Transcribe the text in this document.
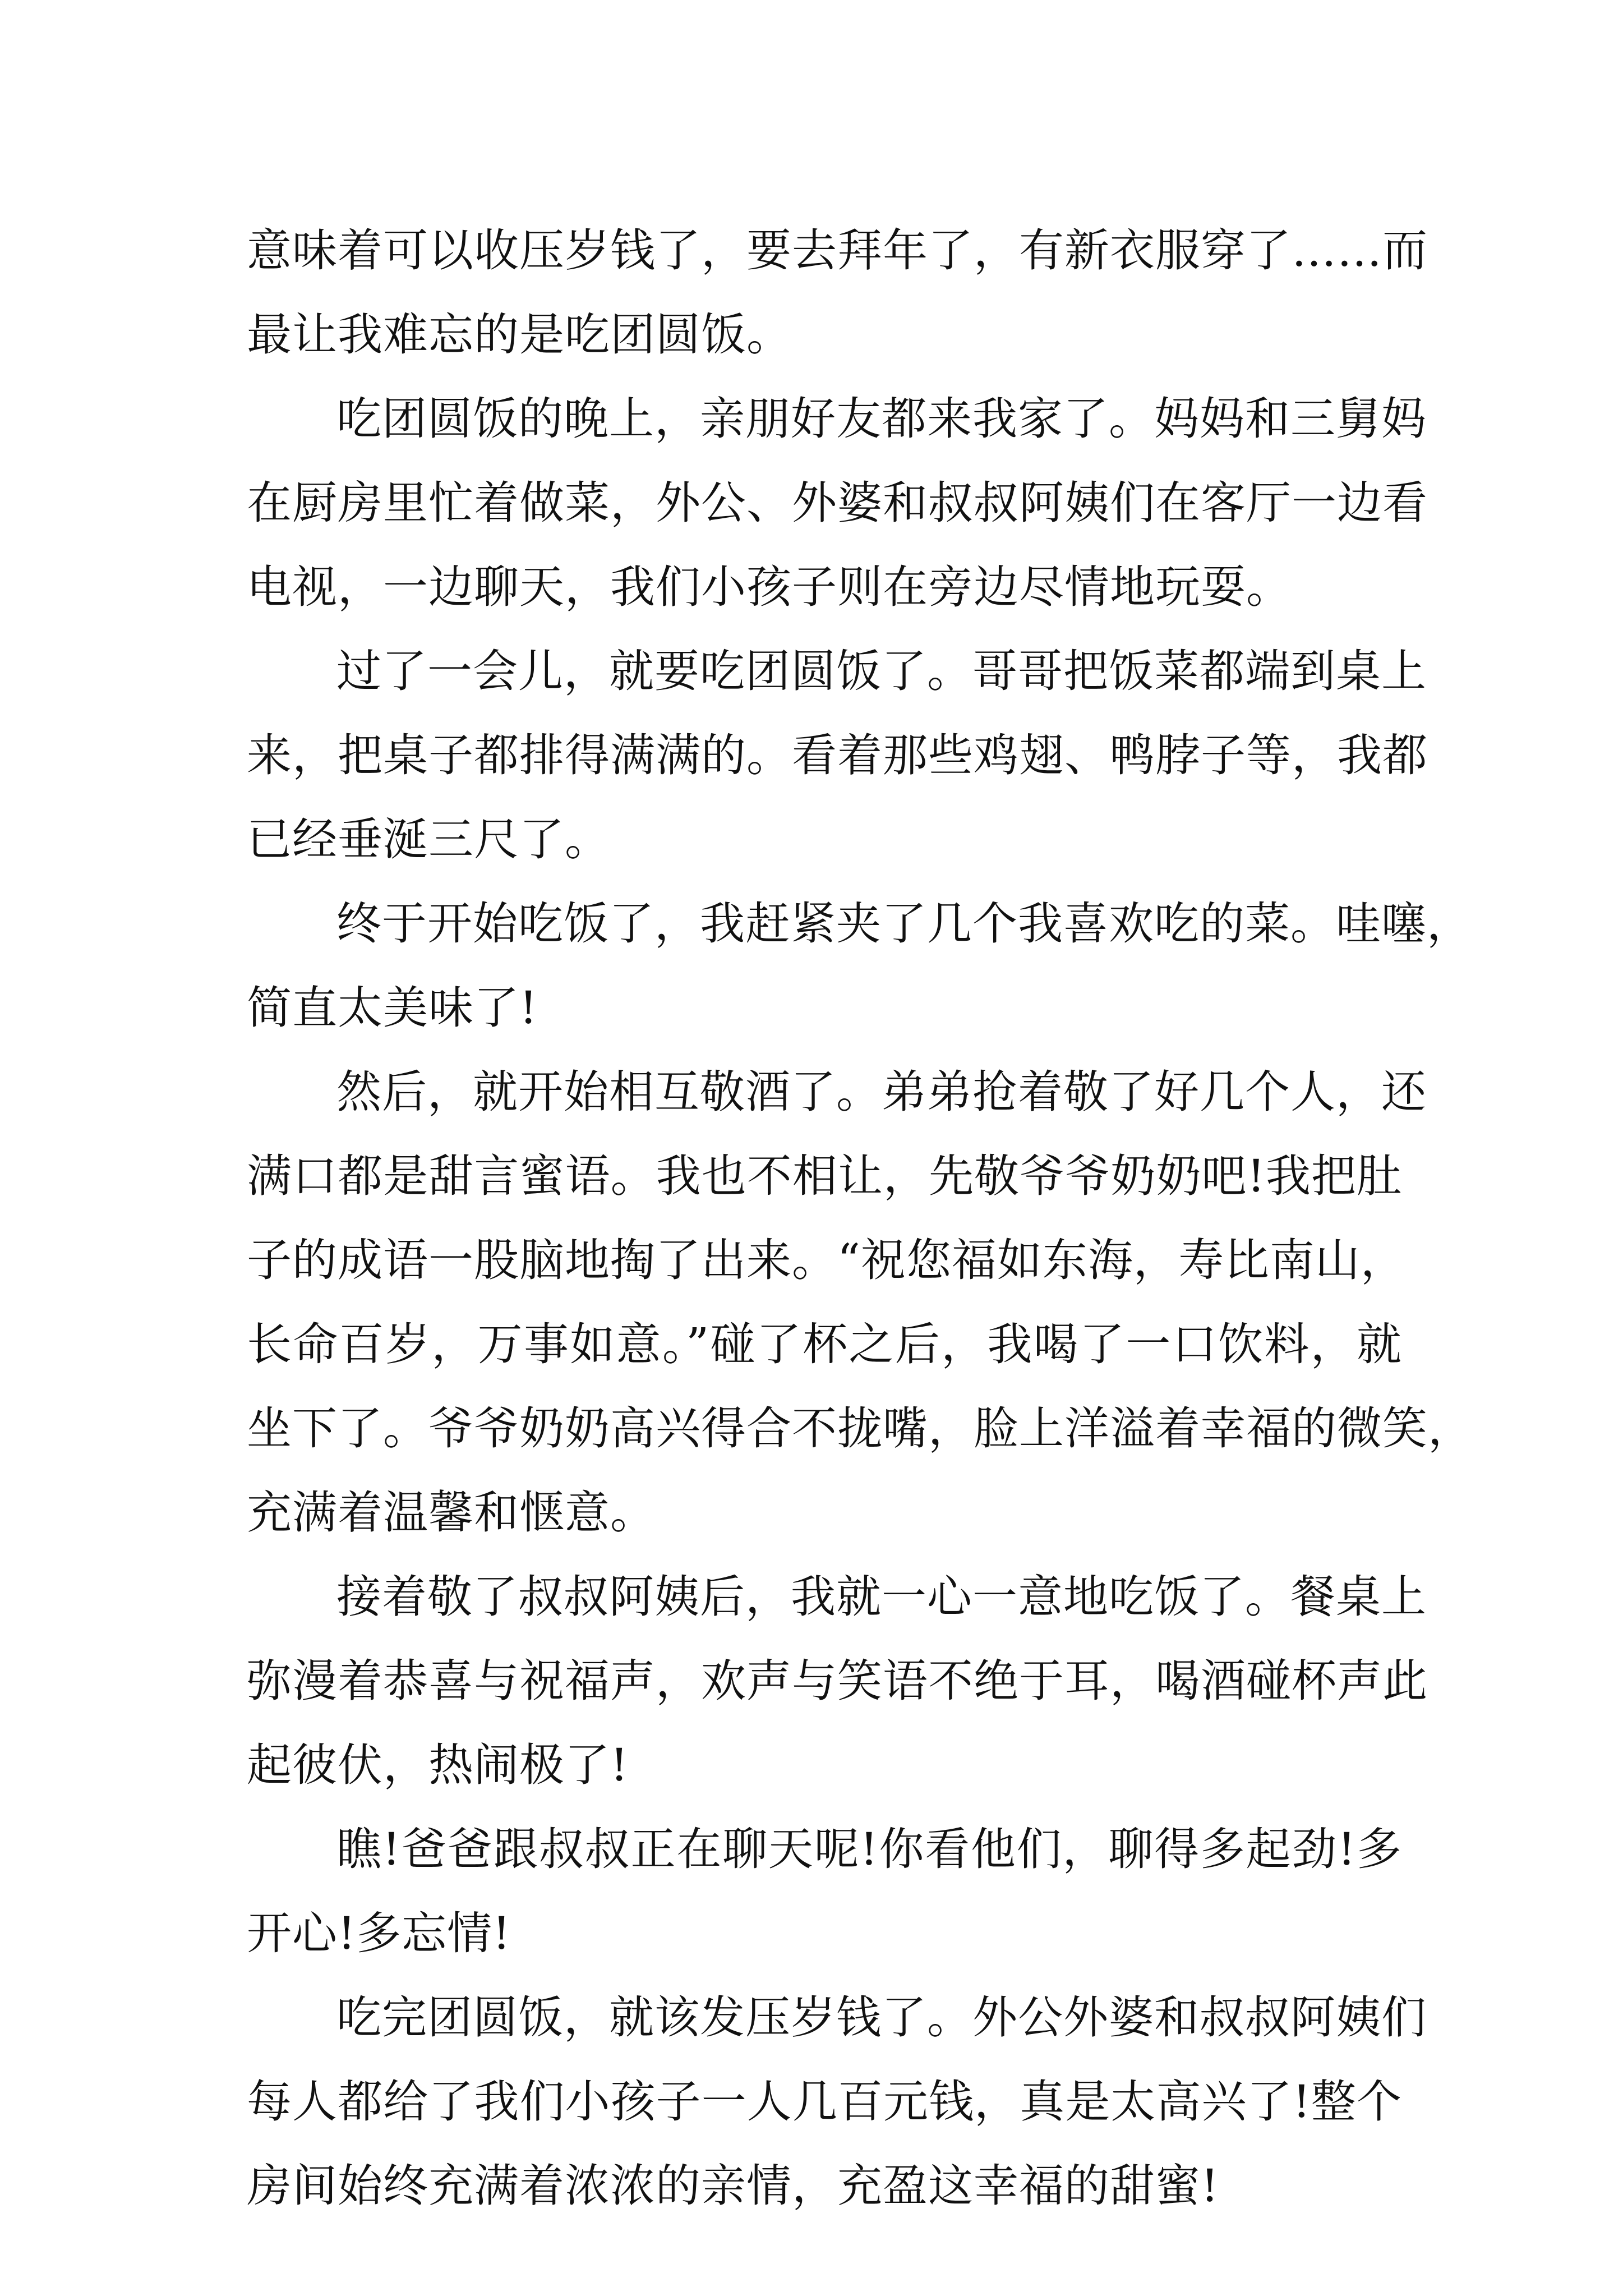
意味着可以收压岁钱了，要去拜年了，有新衣服穿了……而
最让我难忘的是吃团圆饭。
吃团圆饭的晚上，亲朋好友都来我家了。妈妈和三舅妈
在厨房里忙着做菜，外公、外婆和叔叔阿姨们在客厅一边看
电视，一边聊天，我们小孩子则在旁边尽情地玩耍。
过了一会儿，就要吃团圆饭了。哥哥把饭菜都端到桌上
来，把桌子都排得满满的。看着那些鸡翅、鸭脖子等，我都
已经垂涎三尺了。
终于开始吃饭了，我赶紧夹了几个我喜欢吃的菜。哇噻，
简直太美味了!
然后，就开始相互敬酒了。弟弟抢着敬了好几个人，还
满口都是甜言蜜语。我也不相让，先敬爷爷奶奶吧!我把肚
子的成语一股脑地掏了出来。“祝您福如东海，寿比南山，
长命百岁，万事如意。”碰了杯之后，我喝了一口饮料，就
坐下了。爷爷奶奶高兴得合不拢嘴，脸上洋溢着幸福的微笑，
充满着温馨和惬意。
接着敬了叔叔阿姨后，我就一心一意地吃饭了。餐桌上
弥漫着恭喜与祝福声，欢声与笑语不绝于耳，喝酒碰杯声此
起彼伏，热闹极了!
瞧!爸爸跟叔叔正在聊天呢!你看他们，聊得多起劲!多
开心!多忘情!
吃完团圆饭，就该发压岁钱了。外公外婆和叔叔阿姨们
每人都给了我们小孩子一人几百元钱，真是太高兴了!整个
房间始终充满着浓浓的亲情，充盈这幸福的甜蜜!
